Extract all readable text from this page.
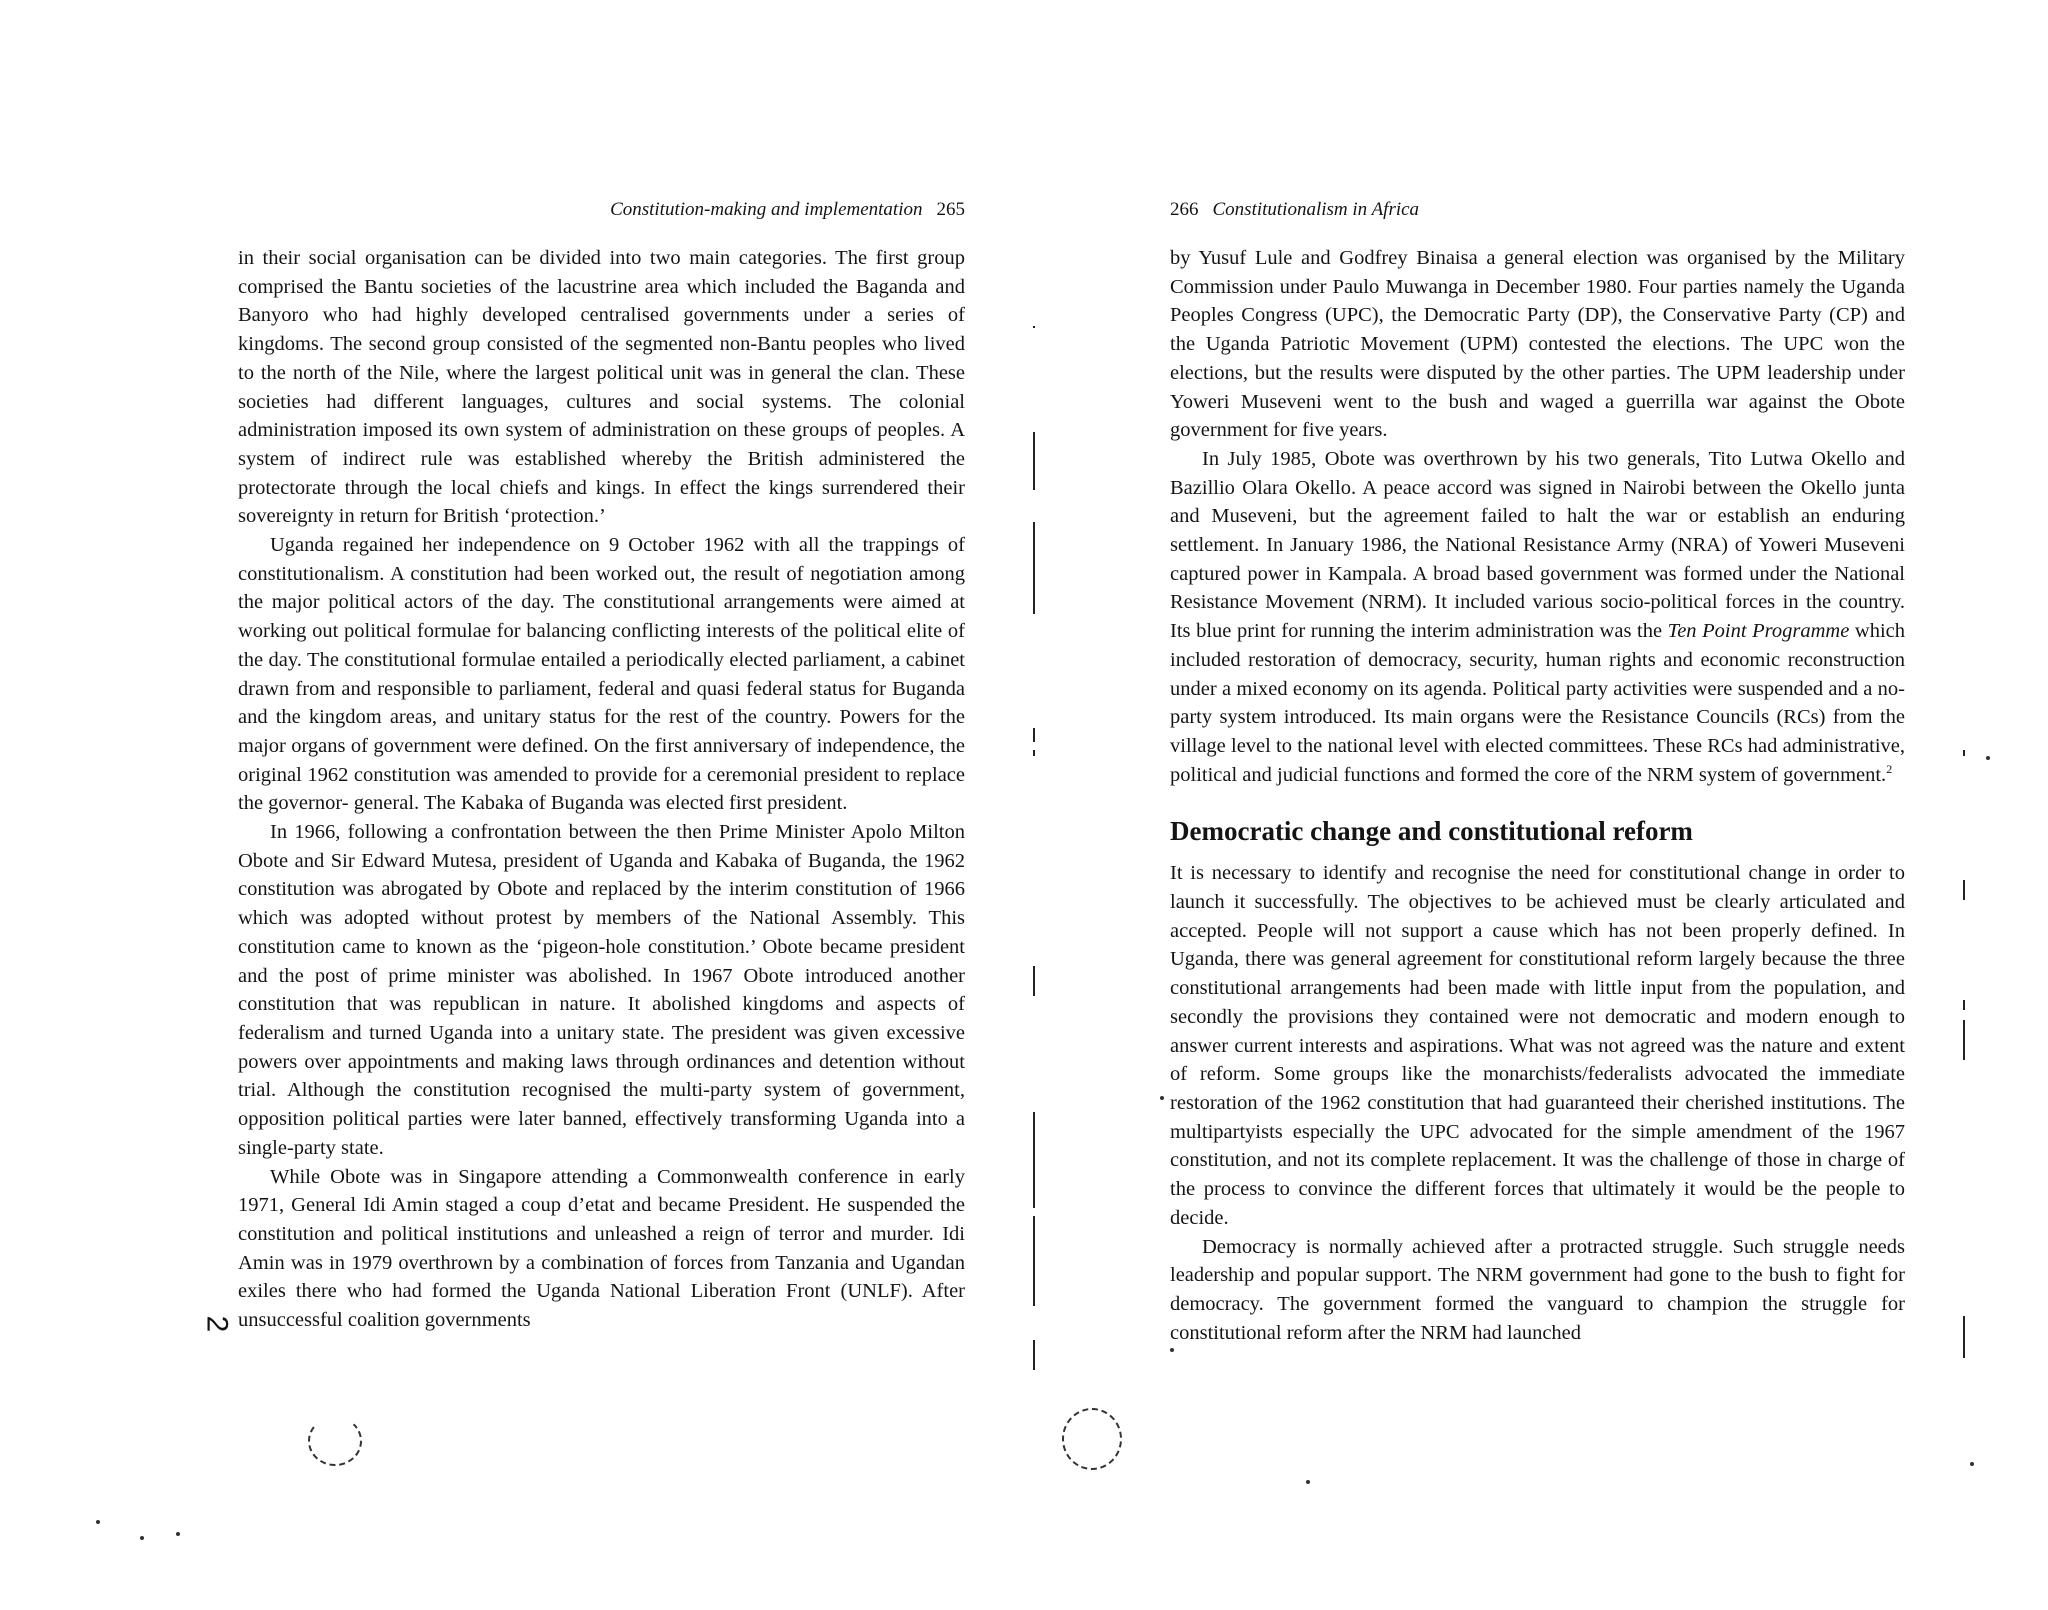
Constitution-making and implementation 265

in their social organisation can be divided into two main categories. The first group comprised the Bantu societies of the lacustrine area which included the Baganda and Banyoro who had highly developed centralised governments under a series of kingdoms. The second group consisted of the segmented non-Bantu peoples who lived to the north of the Nile, where the largest political unit was in general the clan. These societies had different languages, cultures and social systems. The colonial administration imposed its own system of administration on these groups of peoples. A system of indirect rule was established whereby the British administered the protectorate through the local chiefs and kings. In effect the kings surrendered their sovereignty in return for British ‘protection.’

Uganda regained her independence on 9 October 1962 with all the trappings of constitutionalism. A constitution had been worked out, the result of negotiation among the major political actors of the day. The constitutional arrangements were aimed at working out political formulae for balancing conflicting interests of the political elite of the day. The constitutional formulae entailed a periodically elected parliament, a cabinet drawn from and responsible to parliament, federal and quasi federal status for Buganda and the kingdom areas, and unitary status for the rest of the country. Powers for the major organs of government were defined. On the first anniversary of independence, the original 1962 constitution was amended to provide for a ceremonial president to replace the governor- general. The Kabaka of Buganda was elected first president.

In 1966, following a confrontation between the then Prime Minister Apolo Milton Obote and Sir Edward Mutesa, president of Uganda and Kabaka of Buganda, the 1962 constitution was abrogated by Obote and replaced by the interim constitution of 1966 which was adopted without protest by members of the National Assembly. This constitution came to known as the ‘pigeon-hole constitution.’ Obote became president and the post of prime minister was abolished. In 1967 Obote introduced another constitution that was republican in nature. It abolished kingdoms and aspects of federalism and turned Uganda into a unitary state. The president was given excessive powers over appointments and making laws through ordinances and detention without trial. Although the constitution recognised the multi-party system of government, opposition political parties were later banned, effectively transforming Uganda into a single-party state.

While Obote was in Singapore attending a Commonwealth conference in early 1971, General Idi Amin staged a coup d’etat and became President. He suspended the constitution and political institutions and unleashed a reign of terror and murder. Idi Amin was in 1979 overthrown by a combination of forces from Tanzania and Ugandan exiles there who had formed the Uganda National Liberation Front (UNLF). After unsuccessful coalition governments

266 Constitutionalism in Africa

by Yusuf Lule and Godfrey Binaisa a general election was organised by the Military Commission under Paulo Muwanga in December 1980. Four parties namely the Uganda Peoples Congress (UPC), the Democratic Party (DP), the Conservative Party (CP) and the Uganda Patriotic Movement (UPM) contested the elections. The UPC won the elections, but the results were disputed by the other parties. The UPM leadership under Yoweri Museveni went to the bush and waged a guerrilla war against the Obote government for five years.

In July 1985, Obote was overthrown by his two generals, Tito Lutwa Okello and Bazillio Olara Okello. A peace accord was signed in Nairobi between the Okello junta and Museveni, but the agreement failed to halt the war or establish an enduring settlement. In January 1986, the National Resistance Army (NRA) of Yoweri Museveni captured power in Kampala. A broad based government was formed under the National Resistance Movement (NRM). It included various socio-political forces in the country. Its blue print for running the interim administration was the Ten Point Programme which included restoration of democracy, security, human rights and economic reconstruction under a mixed economy on its agenda. Political party activities were suspended and a no-party system introduced. Its main organs were the Resistance Councils (RCs) from the village level to the national level with elected committees. These RCs had administrative, political and judicial functions and formed the core of the NRM system of government.$^2$

Democratic change and constitutional reform

It is necessary to identify and recognise the need for constitutional change in order to launch it successfully. The objectives to be achieved must be clearly articulated and accepted. People will not support a cause which has not been properly defined. In Uganda, there was general agreement for constitutional reform largely because the three constitutional arrangements had been made with little input from the population, and secondly the provisions they contained were not democratic and modern enough to answer current interests and aspirations. What was not agreed was the nature and extent of reform. Some groups like the monarchists/federalists advocated the immediate restoration of the 1962 constitution that had guaranteed their cherished institutions. The multipartyists especially the UPC advocated for the simple amendment of the 1967 constitution, and not its complete replacement. It was the challenge of those in charge of the process to convince the different forces that ultimately it would be the people to decide.

Democracy is normally achieved after a protracted struggle. Such struggle needs leadership and popular support. The NRM government had gone to the bush to fight for democracy. The government formed the vanguard to champion the struggle for constitutional reform after the NRM had launched

2
